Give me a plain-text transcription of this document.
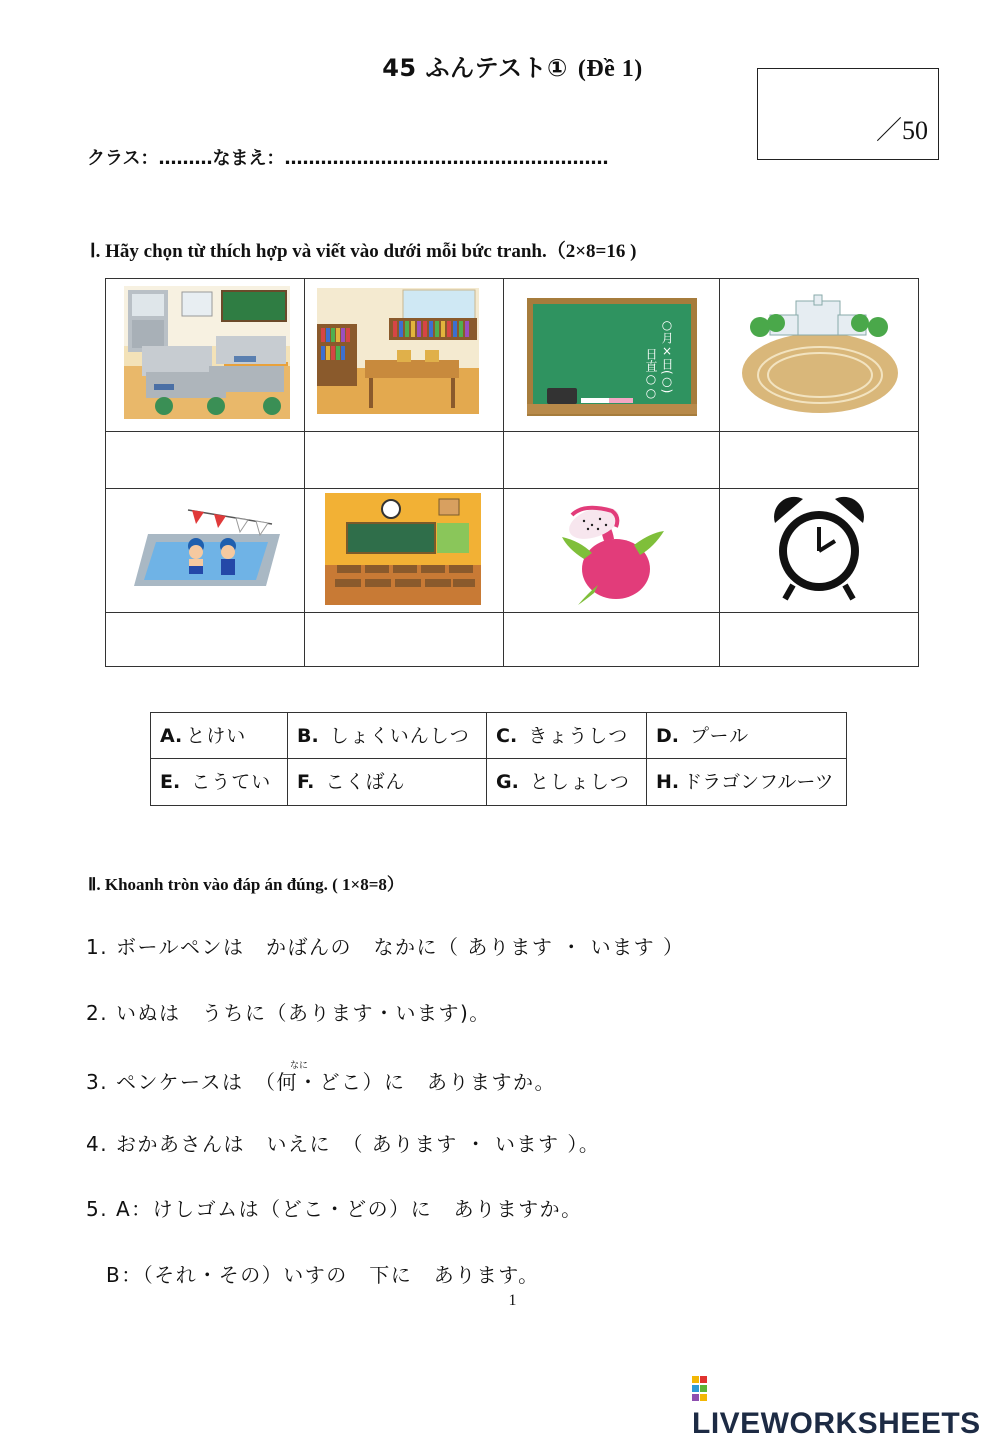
45 ふんテスト① (Đề 1)
／50
クラス：………なまえ：………………………………………………
Ⅰ. Hãy chọn từ thích hợp và viết vào dưới mỗi bức tranh.（2×8=16 )
○月×日(○)
日直○○
A. とけい	B. しょくいんしつ	C. きょうしつ	D. プール
E. こうてい	F. こくばん	G. としょしつ	H. ドラゴンフルーツ
Ⅱ. Khoanh tròn vào đáp án đúng. ( 1×8=8）
1. ボールペンは　かばんの　なかに（ あります ・ います ）
2. いぬは　うちに（あります・います)。
なに
3. ペンケースは　（何・どこ）に　ありますか。
4. おかあさんは　いえに　（ あります ・ います ）。
5. A：けしゴムは（どこ・どの）に　ありますか。
B：（それ・その）いすの　下に　あります。
1
LIVEWORKSHEETS
